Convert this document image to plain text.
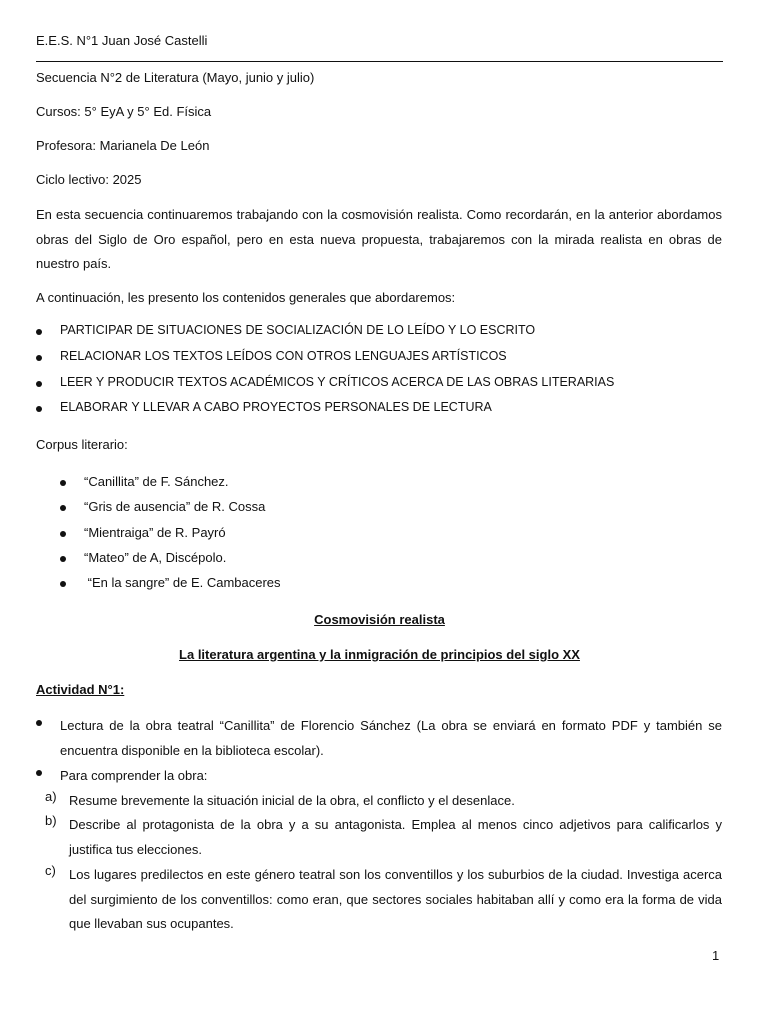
E.E.S. N°1 Juan José Castelli
Secuencia N°2 de Literatura (Mayo, junio y julio)
Cursos: 5° EyA y 5° Ed. Física
Profesora: Marianela De León
Ciclo lectivo: 2025
En esta secuencia continuaremos trabajando con la cosmovisión realista. Como recordarán, en la anterior abordamos obras del Siglo de Oro español, pero en esta nueva propuesta, trabajaremos con la mirada realista en obras de nuestro país.
A continuación, les presento los contenidos generales que abordaremos:
PARTICIPAR DE SITUACIONES DE SOCIALIZACIÓN DE LO LEÍDO Y LO ESCRITO
RELACIONAR LOS TEXTOS LEÍDOS CON OTROS LENGUAJES ARTÍSTICOS
LEER Y PRODUCIR TEXTOS ACADÉMICOS Y CRÍTICOS ACERCA DE LAS OBRAS LITERARIAS
ELABORAR Y LLEVAR A CABO PROYECTOS PERSONALES DE LECTURA
Corpus literario:
“Canillita” de F. Sánchez.
“Gris de ausencia” de R. Cossa
“Mientraiga” de R. Payró
“Mateo” de A, Discépolo.
“En la sangre” de E. Cambaceres
Cosmovisión realista
La literatura argentina y la inmigración de principios del siglo XX
Actividad N°1:
Lectura de la obra teatral “Canillita” de Florencio Sánchez (La obra se enviará en formato PDF y también se encuentra disponible en la biblioteca escolar).
Para comprender la obra:
a) Resume brevemente la situación inicial de la obra, el conflicto y el desenlace.
b) Describe al protagonista de la obra y a su antagonista. Emplea al menos cinco adjetivos para calificarlos y justifica tus elecciones.
c) Los lugares predilectos en este género teatral son los conventillos y los suburbios de la ciudad. Investiga acerca del surgimiento de los conventillos: como eran, que sectores sociales habitaban allí y como era la forma de vida que llevaban sus ocupantes.
1
